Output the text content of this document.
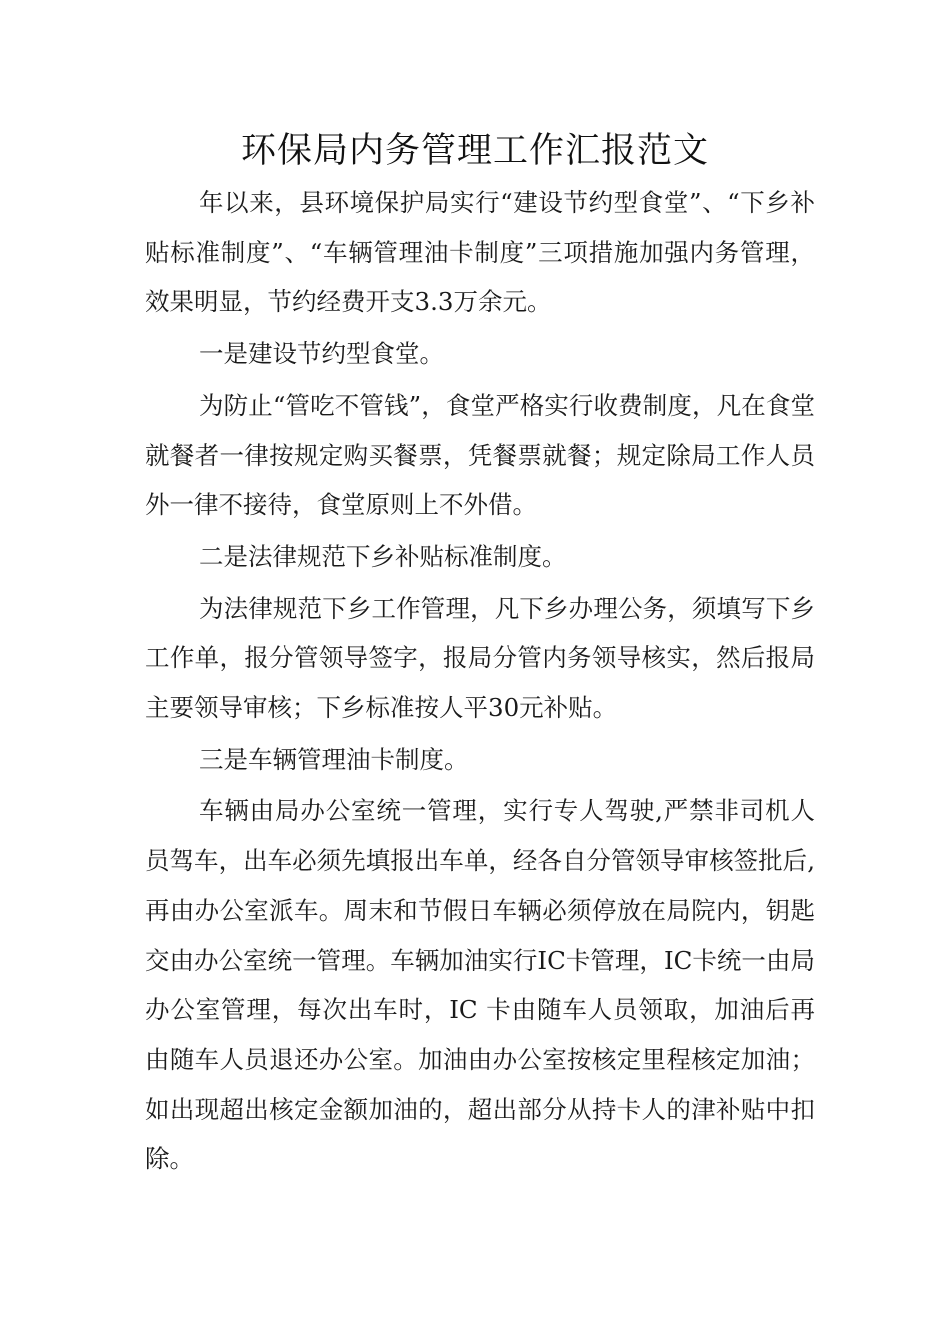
环保局内务管理工作汇报范文

年以来，县环境保护局实行“建设节约型食堂”、“下乡补贴标准制度”、“车辆管理油卡制度”三项措施加强内务管理，效果明显，节约经费开支3.3万余元。

一是建设节约型食堂。

为防止“管吃不管钱”，食堂严格实行收费制度，凡在食堂就餐者一律按规定购买餐票，凭餐票就餐；规定除局工作人员外一律不接待，食堂原则上不外借。

二是法律规范下乡补贴标准制度。

为法律规范下乡工作管理，凡下乡办理公务，须填写下乡工作单，报分管领导签字，报局分管内务领导核实，然后报局主要领导审核；下乡标准按人平30元补贴。

三是车辆管理油卡制度。

车辆由局办公室统一管理，实行专人驾驶,严禁非司机人员驾车，出车必须先填报出车单，经各自分管领导审核签批后,再由办公室派车。周末和节假日车辆必须停放在局院内，钥匙交由办公室统一管理。车辆加油实行IC卡管理，IC卡统一由局办公室管理，每次出车时，IC 卡由随车人员领取，加油后再由随车人员退还办公室。加油由办公室按核定里程核定加油；如出现超出核定金额加油的，超出部分从持卡人的津补贴中扣除。
